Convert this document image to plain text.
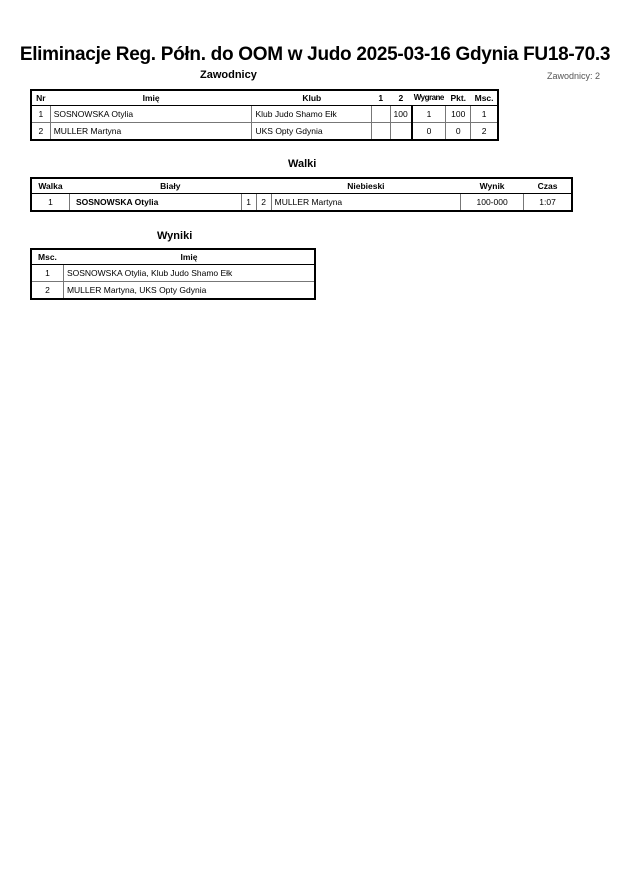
Eliminacje Reg. Półn. do OOM w Judo 2025-03-16 Gdynia FU18-70.3
Zawodnicy	Zawodnicy: 2
Nr	Imię	Klub	1	2	Wygrane	Pkt.	Msc.
1	SOSNOWSKA Otylia	Klub Judo Shamo Ełk		100	1	100	1
2	MULLER Martyna	UKS Opty Gdynia			0	0	2
Walki
Walka	Biały			Niebieski	Wynik	Czas
1	SOSNOWSKA Otylia	1	2	MULLER Martyna	100-000	1:07
Wyniki
Msc.	Imię
1	SOSNOWSKA Otylia, Klub Judo Shamo Ełk
2	MULLER Martyna, UKS Opty Gdynia
